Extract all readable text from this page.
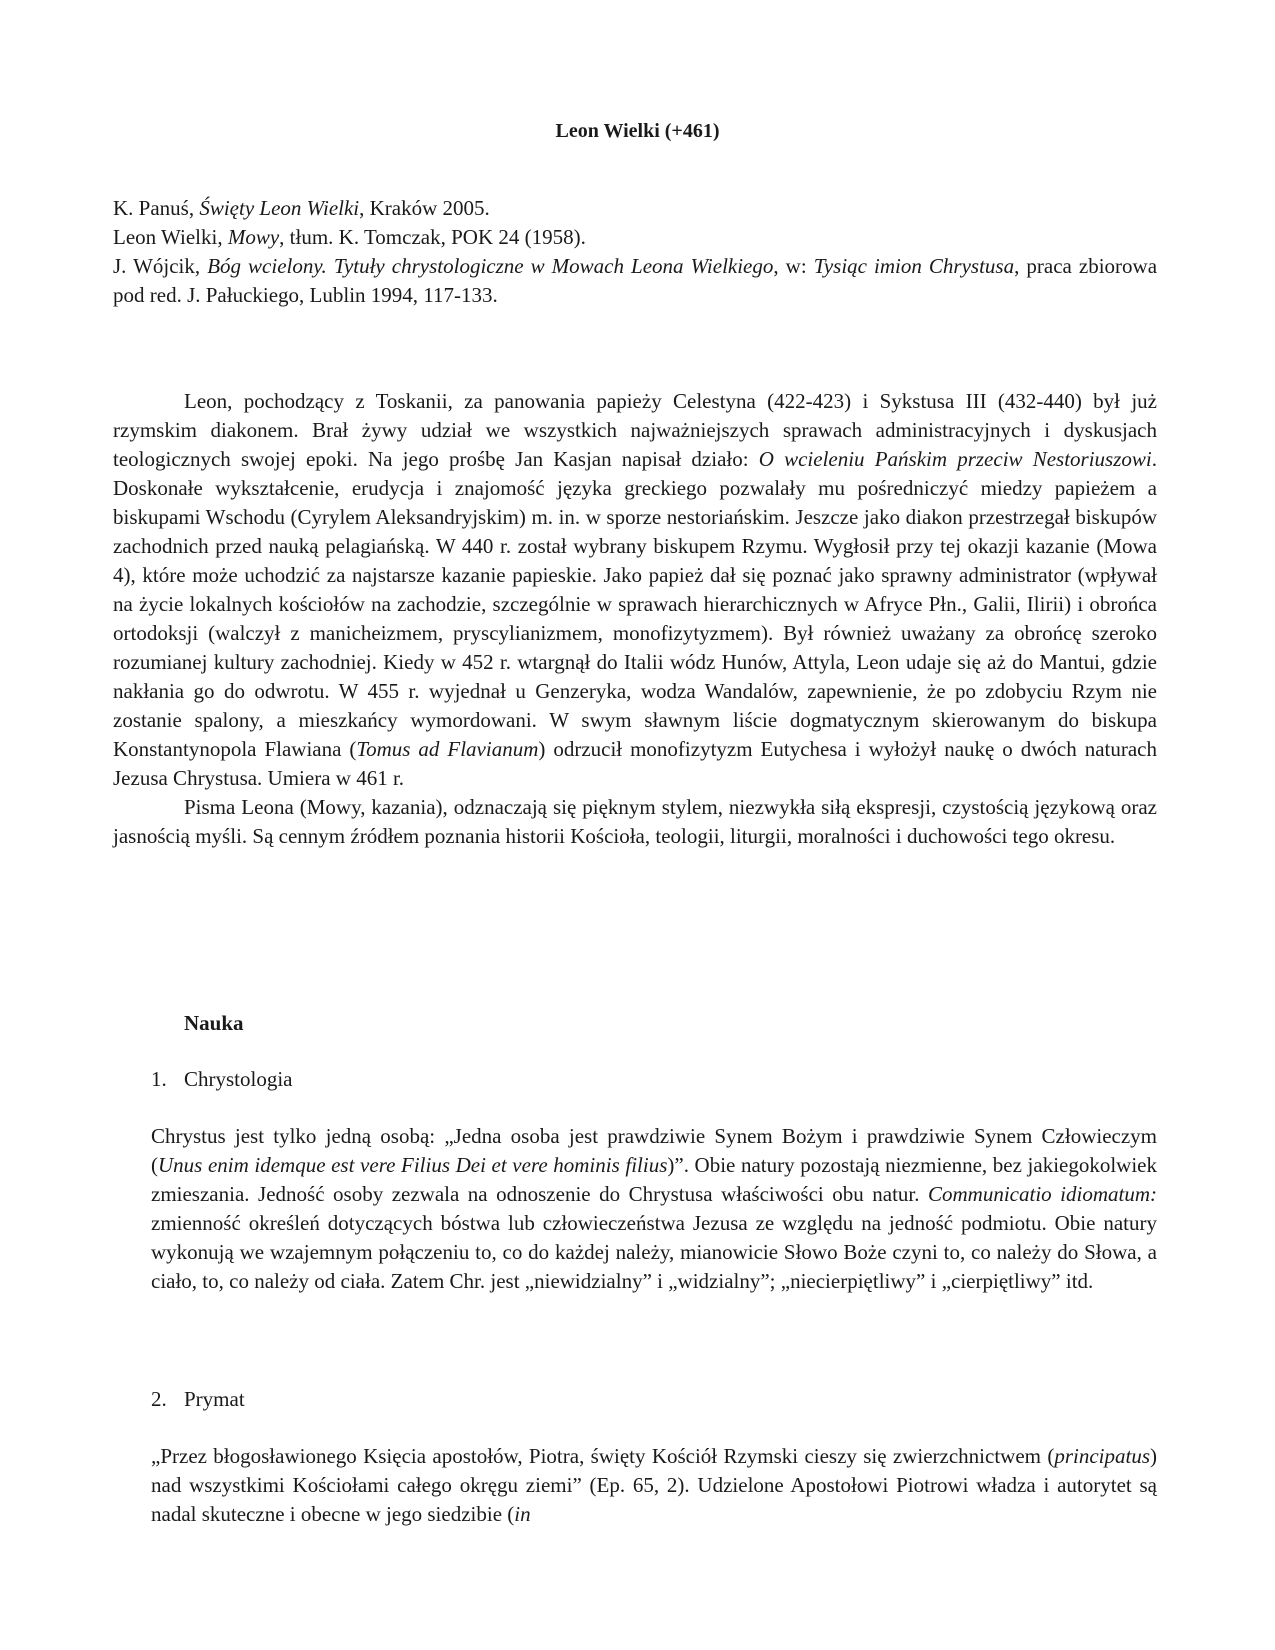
Leon Wielki (+461)

K. Panuś, Święty Leon Wielki, Kraków 2005.

Leon Wielki, Mowy, tłum. K. Tomczak, POK 24 (1958).

J. Wójcik, Bóg wcielony. Tytuły chrystologiczne w Mowach Leona Wielkiego, w: Tysiąc imion Chrystusa, praca zbiorowa pod red. J. Pałuckiego, Lublin 1994, 117-133.

Leon, pochodzący z Toskanii, za panowania papieży Celestyna (422-423) i Sykstusa III (432-440) był już rzymskim diakonem. Brał żywy udział we wszystkich najważniejszych sprawach administracyjnych i dyskusjach teologicznych swojej epoki. Na jego prośbę Jan Kasjan napisał działo: O wcieleniu Pańskim przeciw Nestoriuszowi. Doskonałe wykształcenie, erudycja i znajomość języka greckiego pozwalały mu pośredniczyć miedzy papieżem a biskupami Wschodu (Cyrylem Aleksandryjskim) m. in. w sporze nestoriańskim. Jeszcze jako diakon przestrzegał biskupów zachodnich przed nauką pelagiańską. W 440 r. został wybrany biskupem Rzymu. Wygłosił przy tej okazji kazanie (Mowa 4), które może uchodzić za najstarsze kazanie papieskie. Jako papież dał się poznać jako sprawny administrator (wpływał na życie lokalnych kościołów na zachodzie, szczególnie w sprawach hierarchicznych w Afryce Płn., Galii, Ilirii) i obrońca ortodoksji (walczył z manicheizmem, pryscylianizmem, monofizytyzmem). Był również uważany za obrońcę szeroko rozumianej kultury zachodniej. Kiedy w 452 r. wtargnął do Italii wódz Hunów, Attyla, Leon udaje się aż do Mantui, gdzie nakłania go do odwrotu. W 455 r. wyjednał u Genzeryka, wodza Wandalów, zapewnienie, że po zdobyciu Rzym nie zostanie spalony, a mieszkańcy wymordowani. W swym sławnym liście dogmatycznym skierowanym do biskupa Konstantynopola Flawiana (Tomus ad Flavianum) odrzucił monofizytyzm Eutychesa i wyłożył naukę o dwóch naturach Jezusa Chrystusa. Umiera w 461 r.

Pisma Leona (Mowy, kazania), odznaczają się pięknym stylem, niezwykła siłą ekspresji, czystością językową oraz jasnością myśli. Są cennym źródłem poznania historii Kościoła, teologii, liturgii, moralności i duchowości tego okresu.

Nauka

1. Chrystologia

Chrystus jest tylko jedną osobą: „Jedna osoba jest prawdziwie Synem Bożym i prawdziwie Synem Człowieczym (Unus enim idemque est vere Filius Dei et vere hominis filius)”. Obie natury pozostają niezmienne, bez jakiegokolwiek zmieszania. Jedność osoby zezwala na odnoszenie do Chrystusa właściwości obu natur. Communicatio idiomatum: zmienność określeń dotyczących bóstwa lub człowieczeństwa Jezusa ze względu na jedność podmiotu. Obie natury wykonują we wzajemnym połączeniu to, co do każdej należy, mianowicie Słowo Boże czyni to, co należy do Słowa, a ciało, to, co należy od ciała. Zatem Chr. jest „niewidzialny” i „widzialny”; „niecierpiętliwy” i „cierpiętliwy” itd.

2. Prymat

„Przez błogosławionego Księcia apostołów, Piotra, święty Kościół Rzymski cieszy się zwierzchnictwem (principatus) nad wszystkimi Kościołami całego okręgu ziemi” (Ep. 65, 2). Udzielone Apostołowi Piotrowi władza i autorytet są nadal skuteczne i obecne w jego siedzibie (in
